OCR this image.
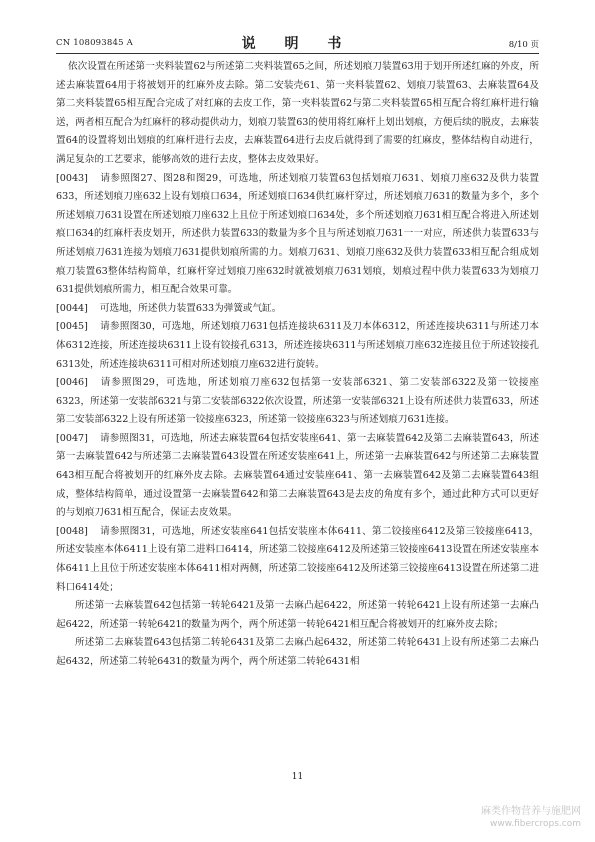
CN 108093845 A	说 明 书	8/10 页

依次设置在所述第一夹料装置62与所述第二夹料装置65之间，所述划痕刀装置63用于划开所述红麻的外皮，所述去麻装置64用于将被划开的红麻外皮去除。第二安装壳61、第一夹料装置62、划痕刀装置63、去麻装置64及第二夹料装置65相互配合完成了对红麻的去皮工作，第一夹料装置62与第二夹料装置65相互配合将红麻杆进行输送，两者相互配合为红麻杆的移动提供动力，划痕刀装置63的使用将红麻杆上划出划痕，方便后续的脱皮，去麻装置64的设置将划出划痕的红麻杆进行去皮，去麻装置64进行去皮后就得到了需要的红麻皮，整体结构自动进行，满足复杂的工艺要求，能够高效的进行去皮，整体去皮效果好。

[0043] 请参照图27、图28和图29，可选地，所述划痕刀装置63包括划痕刀631、划痕刀座632及供力装置633，所述划痕刀座632上设有划痕口634，所述划痕口634供红麻杆穿过，所述划痕刀631的数量为多个，多个所述划痕刀631设置在所述划痕刀座632上且位于所述划痕口634处，多个所述划痕刀631相互配合将进入所述划痕口634的红麻杆表皮划开，所述供力装置633的数量为多个且与所述划痕刀631一一对应，所述供力装置633与所述划痕刀631连接为划痕刀631提供划痕所需的力。划痕刀631、划痕刀座632及供力装置633相互配合组成划痕刀装置63整体结构简单，红麻杆穿过划痕刀座632时就被划痕刀631划痕，划痕过程中供力装置633为划痕刀631提供划痕所需力，相互配合效果可靠。

[0044] 可选地，所述供力装置633为弹簧或气缸。

[0045] 请参照图30，可选地，所述划痕刀631包括连接块6311及刀本体6312，所述连接块6311与所述刀本体6312连接，所述连接块6311上设有铰接孔6313，所述连接块6311与所述划痕刀座632连接且位于所述铰接孔6313处，所述连接块6311可相对所述划痕刀座632进行旋转。

[0046] 请参照图29，可选地，所述划痕刀座632包括第一安装部6321、第二安装部6322及第一铰接座6323，所述第一安装部6321与第二安装部6322依次设置，所述第一安装部6321上设有所述供力装置633，所述第二安装部6322上设有所述第一铰接座6323，所述第一铰接座6323与所述划痕刀631连接。

[0047] 请参照图31，可选地，所述去麻装置64包括安装座641、第一去麻装置642及第二去麻装置643，所述第一去麻装置642与所述第二去麻装置643设置在所述安装座641上，所述第一去麻装置642与所述第二去麻装置643相互配合将被划开的红麻外皮去除。去麻装置64通过安装座641、第一去麻装置642及第二去麻装置643组成，整体结构简单，通过设置第一去麻装置642和第二去麻装置643是去皮的角度有多个，通过此种方式可以更好的与划痕刀631相互配合，保证去皮效果。

[0048] 请参照图31，可选地，所述安装座641包括安装座本体6411、第二铰接座6412及第三铰接座6413，所述安装座本体6411上设有第二进料口6414，所述第二铰接座6412及所述第三铰接座6413设置在所述安装座本体6411上且位于所述安装座本体6411相对两侧，所述第二铰接座6412及所述第三铰接座6413设置在所述第二进料口6414处；

所述第一去麻装置642包括第一转轮6421及第一去麻凸起6422，所述第一转轮6421上设有所述第一去麻凸起6422，所述第一转轮6421的数量为两个，两个所述第一转轮6421相互配合将被划开的红麻外皮去除；

所述第二去麻装置643包括第二转轮6431及第二去麻凸起6432，所述第二转轮6431上设有所述第二去麻凸起6432，所述第二转轮6431的数量为两个，两个所述第二转轮6431相

11
麻类作物营养与施肥网
www.fibercrops.com
